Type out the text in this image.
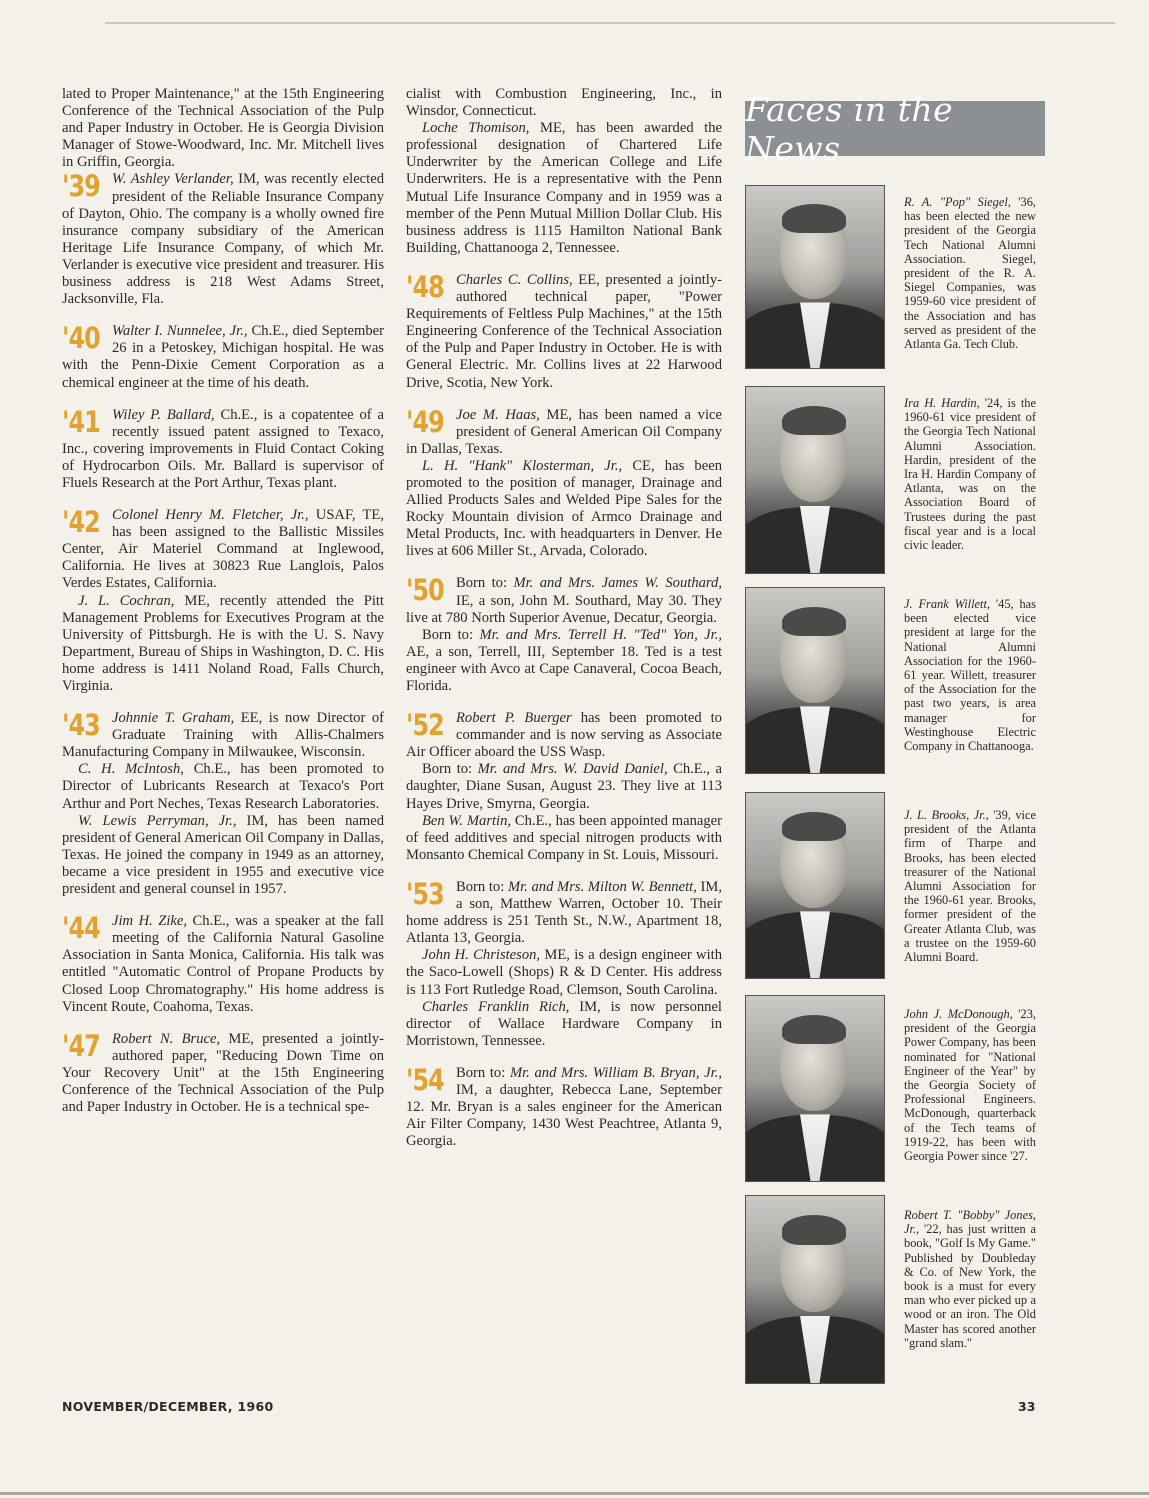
lated to Proper Maintenance," at the 15th Engineering Conference of the Technical Association of the Pulp and Paper Industry in October. He is Georgia Division Manager of Stowe-Woodward, Inc. Mr. Mitchell lives in Griffin, Georgia.

'39 W. Ashley Verlander, IM, was recently elected president of the Reliable Insurance Company of Dayton, Ohio. The company is a wholly owned fire insurance company subsidiary of the American Heritage Life Insurance Company, of which Mr. Verlander is executive vice president and treasurer. His business address is 218 West Adams Street, Jacksonville, Fla.

'40 Walter I. Nunnelee, Jr., Ch.E., died September 26 in a Petoskey, Michigan hospital. He was with the Penn-Dixie Cement Corporation as a chemical engineer at the time of his death.

'41 Wiley P. Ballard, Ch.E., is a copatentee of a recently issued patent assigned to Texaco, Inc., covering improvements in Fluid Contact Coking of Hydrocarbon Oils. Mr. Ballard is supervisor of Fluels Research at the Port Arthur, Texas plant.

'42 Colonel Henry M. Fletcher, Jr., USAF, TE, has been assigned to the Ballistic Missiles Center, Air Materiel Command at Inglewood, California. He lives at 30823 Rue Langlois, Palos Verdes Estates, California.

J. L. Cochran, ME, recently attended the Pitt Management Problems for Executives Program at the University of Pittsburgh. He is with the U. S. Navy Department, Bureau of Ships in Washington, D. C. His home address is 1411 Noland Road, Falls Church, Virginia.

'43 Johnnie T. Graham, EE, is now Director of Graduate Training with Allis-Chalmers Manufacturing Company in Milwaukee, Wisconsin.

C. H. McIntosh, Ch.E., has been promoted to Director of Lubricants Research at Texaco's Port Arthur and Port Neches, Texas Research Laboratories.

W. Lewis Perryman, Jr., IM, has been named president of General American Oil Company in Dallas, Texas. He joined the company in 1949 as an attorney, became a vice president in 1955 and executive vice president and general counsel in 1957.

'44 Jim H. Zike, Ch.E., was a speaker at the fall meeting of the California Natural Gasoline Association in Santa Monica, California. His talk was entitled "Automatic Control of Propane Products by Closed Loop Chromatography." His home address is Vincent Route, Coahoma, Texas.

'47 Robert N. Bruce, ME, presented a jointly-authored paper, "Reducing Down Time on Your Recovery Unit" at the 15th Engineering Conference of the Technical Association of the Pulp and Paper Industry in October. He is a technical spe-

cialist with Combustion Engineering, Inc., in Winsdor, Connecticut.

Loche Thomison, ME, has been awarded the professional designation of Chartered Life Underwriter by the American College and Life Underwriters. He is a representative with the Penn Mutual Life Insurance Company and in 1959 was a member of the Penn Mutual Million Dollar Club. His business address is 1115 Hamilton National Bank Building, Chattanooga 2, Tennessee.

'48 Charles C. Collins, EE, presented a jointly-authored technical paper, "Power Requirements of Feltless Pulp Machines," at the 15th Engineering Conference of the Technical Association of the Pulp and Paper Industry in October. He is with General Electric. Mr. Collins lives at 22 Harwood Drive, Scotia, New York.

'49 Joe M. Haas, ME, has been named a vice president of General American Oil Company in Dallas, Texas.

L. H. "Hank" Klosterman, Jr., CE, has been promoted to the position of manager, Drainage and Allied Products Sales and Welded Pipe Sales for the Rocky Mountain division of Armco Drainage and Metal Products, Inc. with headquarters in Denver. He lives at 606 Miller St., Arvada, Colorado.

'50 Born to: Mr. and Mrs. James W. Southard, IE, a son, John M. Southard, May 30. They live at 780 North Superior Avenue, Decatur, Georgia.

Born to: Mr. and Mrs. Terrell H. "Ted" Yon, Jr., AE, a son, Terrell, III, September 18. Ted is a test engineer with Avco at Cape Canaveral, Cocoa Beach, Florida.

'52 Robert P. Buerger has been promoted to commander and is now serving as Associate Air Officer aboard the USS Wasp.

Born to: Mr. and Mrs. W. David Daniel, Ch.E., a daughter, Diane Susan, August 23. They live at 113 Hayes Drive, Smyrna, Georgia.

Ben W. Martin, Ch.E., has been appointed manager of feed additives and special nitrogen products with Monsanto Chemical Company in St. Louis, Missouri.

'53 Born to: Mr. and Mrs. Milton W. Bennett, IM, a son, Matthew Warren, October 10. Their home address is 251 Tenth St., N.W., Apartment 18, Atlanta 13, Georgia.

John H. Christeson, ME, is a design engineer with the Saco-Lowell (Shops) R & D Center. His address is 113 Fort Rutledge Road, Clemson, South Carolina.

Charles Franklin Rich, IM, is now personnel director of Wallace Hardware Company in Morristown, Tennessee.

'54 Born to: Mr. and Mrs. William B. Bryan, Jr., IM, a daughter, Rebecca Lane, September 12. Mr. Bryan is a sales engineer for the American Air Filter Company, 1430 West Peachtree, Atlanta 9, Georgia.

Faces in the News

R. A. "Pop" Siegel, '36, has been elected the new president of the Georgia Tech National Alumni Association. Siegel, president of the R. A. Siegel Companies, was 1959-60 vice president of the Association and has served as president of the Atlanta Ga. Tech Club.

Ira H. Hardin, '24, is the 1960-61 vice president of the Georgia Tech National Alumni Association. Hardin, president of the Ira H. Hardin Company of Atlanta, was on the Association Board of Trustees during the past fiscal year and is a local civic leader.

J. Frank Willett, '45, has been elected vice president at large for the National Alumni Association for the 1960-61 year. Willett, treasurer of the Association for the past two years, is area manager for Westinghouse Electric Company in Chattanooga.

J. L. Brooks, Jr., '39, vice president of the Atlanta firm of Tharpe and Brooks, has been elected treasurer of the National Alumni Association for the 1960-61 year. Brooks, former president of the Greater Atlanta Club, was a trustee on the 1959-60 Alumni Board.

John J. McDonough, '23, president of the Georgia Power Company, has been nominated for "National Engineer of the Year" by the Georgia Society of Professional Engineers. McDonough, quarterback of the Tech teams of 1919-22, has been with Georgia Power since '27.

Robert T. "Bobby" Jones, Jr., '22, has just written a book, "Golf Is My Game." Published by Doubleday & Co. of New York, the book is a must for every man who ever picked up a wood or an iron. The Old Master has scored another "grand slam."

NOVEMBER/DECEMBER, 1960	33
